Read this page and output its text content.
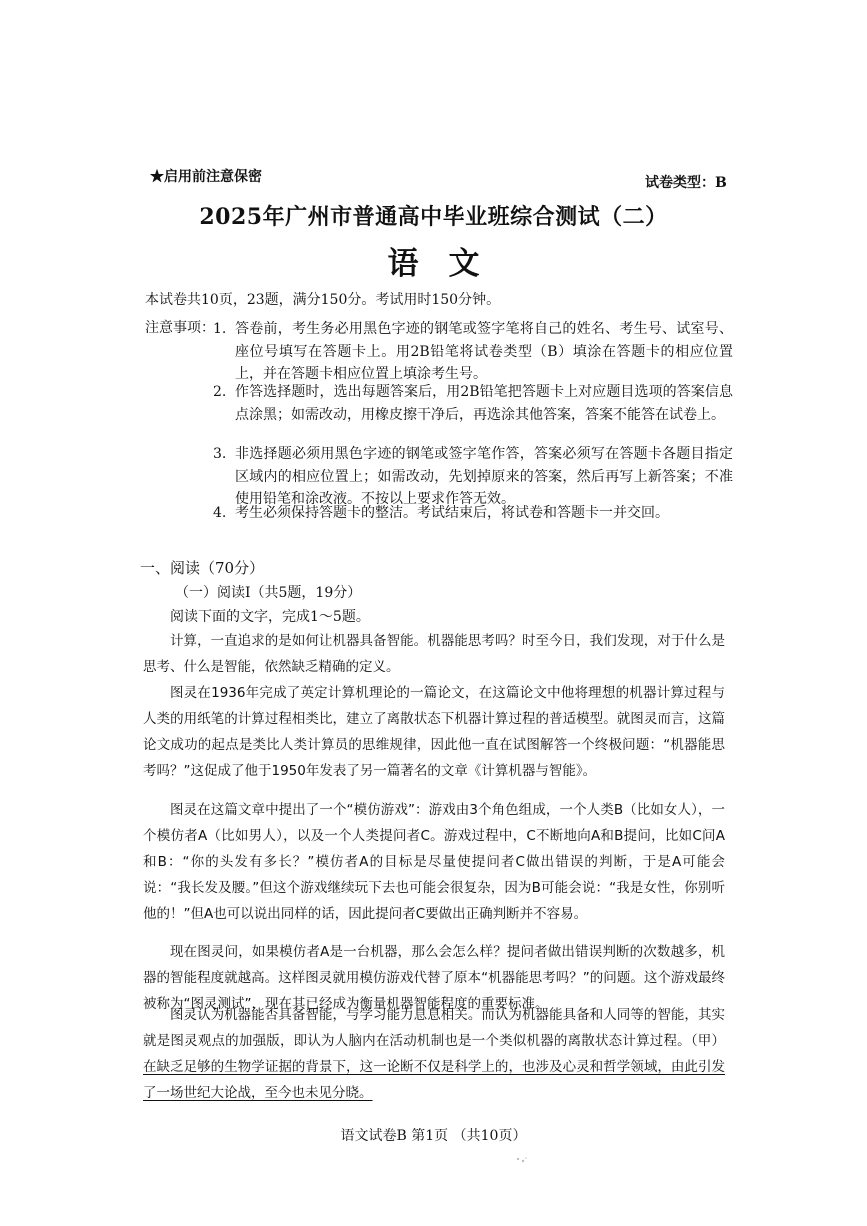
★启用前注意保密	试卷类型：B
2025年广州市普通高中毕业班综合测试（二）
语文
本试卷共10页，23题，满分150分。考试用时150分钟。
注意事项：
1. 答卷前，考生务必用黑色字迹的钢笔或签字笔将自己的姓名、考生号、试室号、座位号填写在答题卡上。用2B铅笔将试卷类型（B）填涂在答题卡的相应位置上，并在答题卡相应位置上填涂考生号。
2. 作答选择题时，选出每题答案后，用2B铅笔把答题卡上对应题目选项的答案信息点涂黑；如需改动，用橡皮擦干净后，再选涂其他答案，答案不能答在试卷上。
3. 非选择题必须用黑色字迹的钢笔或签字笔作答，答案必须写在答题卡各题目指定区域内的相应位置上；如需改动，先划掉原来的答案，然后再写上新答案；不准使用铅笔和涂改液。不按以上要求作答无效。
4. 考生必须保持答题卡的整洁。考试结束后，将试卷和答题卡一并交回。
一、阅读（70分）
（一）阅读Ⅰ（共5题，19分）
阅读下面的文字，完成1～5题。
计算，一直追求的是如何让机器具备智能。机器能思考吗？时至今日，我们发现，对于什么是思考、什么是智能，依然缺乏精确的定义。
图灵在1936年完成了英定计算机理论的一篇论文，在这篇论文中他将理想的机器计算过程与人类的用纸笔的计算过程相类比，建立了离散状态下机器计算过程的普适模型。就图灵而言，这篇论文成功的起点是类比人类计算员的思维规律，因此他一直在试图解答一个终极问题：“机器能思考吗？”这促成了他于1950年发表了另一篇著名的文章《计算机器与智能》。
图灵在这篇文章中提出了一个“模仿游戏”：游戏由3个角色组成，一个人类B（比如女人），一个模仿者A（比如男人），以及一个人类提问者C。游戏过程中，C不断地向A和B提问，比如C问A和B：“你的头发有多长？”模仿者A的目标是尽量使提问者C做出错误的判断，于是A可能会说：“我长发及腰。”但这个游戏继续玩下去也可能会很复杂，因为B可能会说：“我是女性，你别听他的！”但A也可以说出同样的话，因此提问者C要做出正确判断并不容易。
现在图灵问，如果模仿者A是一台机器，那么会怎么样？提问者做出错误判断的次数越多，机器的智能程度就越高。这样图灵就用模仿游戏代替了原本“机器能思考吗？”的问题。这个游戏最终被称为“图灵测试”，现在其已经成为衡量机器智能程度的重要标准。
图灵认为机器能否具备智能，与学习能力息息相关。而认为机器能具备和人同等的智能，其实就是图灵观点的加强版，即认为人脑内在活动机制也是一个类似机器的离散状态计算过程。（甲）在缺乏足够的生物学证据的背景下，这一论断不仅是科学上的，也涉及心灵和哲学领域，由此引发了一场世纪大论战，至今也未见分晓。
语文试卷B 第1页 （共10页）
